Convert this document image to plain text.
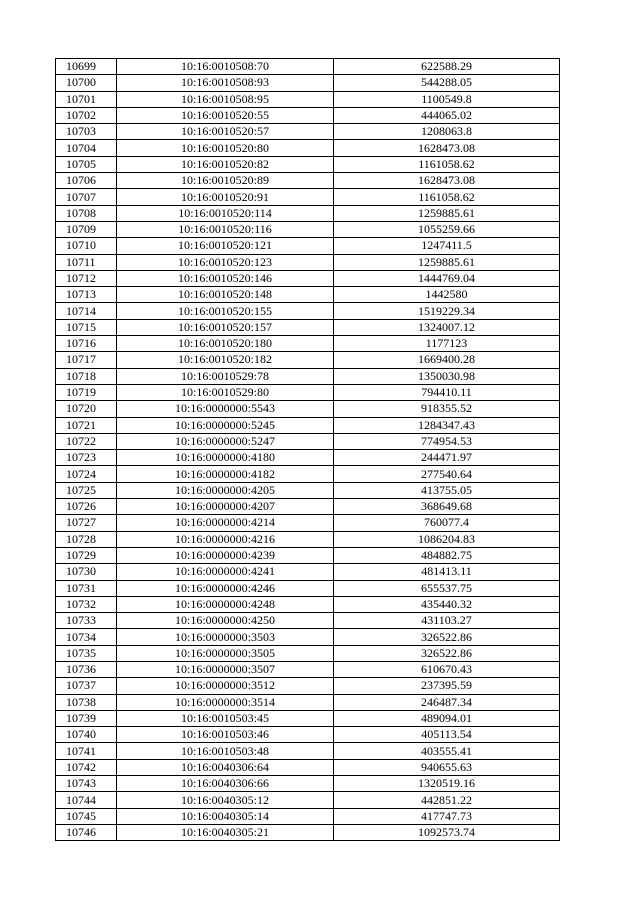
10699	10:16:0010508:70	622588.29
10700	10:16:0010508:93	544288.05
10701	10:16:0010508:95	1100549.8
10702	10:16:0010520:55	444065.02
10703	10:16:0010520:57	1208063.8
10704	10:16:0010520:80	1628473.08
10705	10:16:0010520:82	1161058.62
10706	10:16:0010520:89	1628473.08
10707	10:16:0010520:91	1161058.62
10708	10:16:0010520:114	1259885.61
10709	10:16:0010520:116	1055259.66
10710	10:16:0010520:121	1247411.5
10711	10:16:0010520:123	1259885.61
10712	10:16:0010520:146	1444769.04
10713	10:16:0010520:148	1442580
10714	10:16:0010520:155	1519229.34
10715	10:16:0010520:157	1324007.12
10716	10:16:0010520:180	1177123
10717	10:16:0010520:182	1669400.28
10718	10:16:0010529:78	1350030.98
10719	10:16:0010529:80	794410.11
10720	10:16:0000000:5543	918355.52
10721	10:16:0000000:5245	1284347.43
10722	10:16:0000000:5247	774954.53
10723	10:16:0000000:4180	244471.97
10724	10:16:0000000:4182	277540.64
10725	10:16:0000000:4205	413755.05
10726	10:16:0000000:4207	368649.68
10727	10:16:0000000:4214	760077.4
10728	10:16:0000000:4216	1086204.83
10729	10:16:0000000:4239	484882.75
10730	10:16:0000000:4241	481413.11
10731	10:16:0000000:4246	655537.75
10732	10:16:0000000:4248	435440.32
10733	10:16:0000000:4250	431103.27
10734	10:16:0000000:3503	326522.86
10735	10:16:0000000:3505	326522.86
10736	10:16:0000000:3507	610670.43
10737	10:16:0000000:3512	237395.59
10738	10:16:0000000:3514	246487.34
10739	10:16:0010503:45	489094.01
10740	10:16:0010503:46	405113.54
10741	10:16:0010503:48	403555.41
10742	10:16:0040306:64	940655.63
10743	10:16:0040306:66	1320519.16
10744	10:16:0040305:12	442851.22
10745	10:16:0040305:14	417747.73
10746	10:16:0040305:21	1092573.74
